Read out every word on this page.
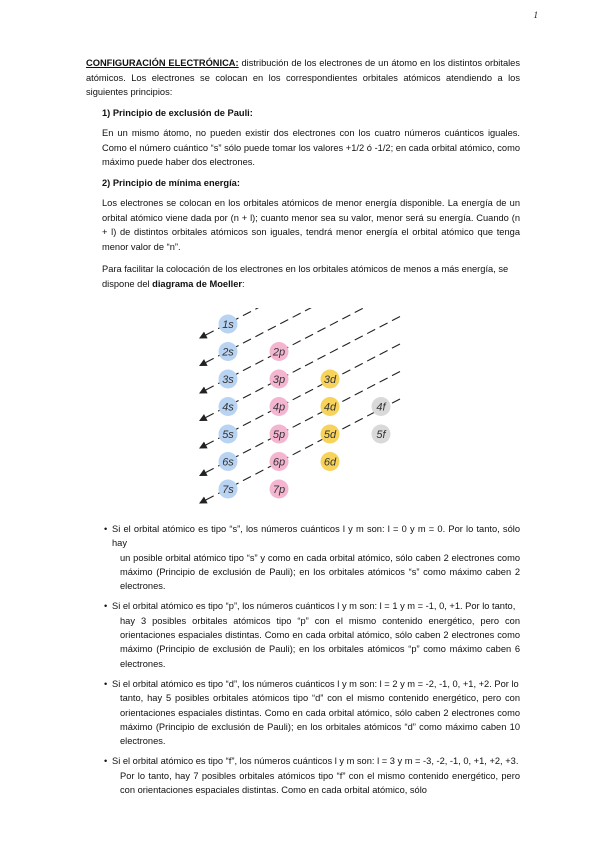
1

CONFIGURACIÓN ELECTRÓNICA: distribución de los electrones de un átomo en los distintos orbitales atómicos. Los electrones se colocan en los correspondientes orbitales atómicos atendiendo a los siguientes principios:

1) Principio de exclusión de Pauli:

En un mismo átomo, no pueden existir dos electrones con los cuatro números cuánticos iguales. Como el número cuántico “s” sólo puede tomar los valores +1/2 ó -1/2; en cada orbital atómico, como máximo puede haber dos electrones.

2) Principio de mínima energía:

Los electrones se colocan en los orbitales atómicos de menor energía disponible. La energía de un orbital atómico viene dada por (n + l); cuanto menor sea su valor, menor será su energía. Cuando (n + l) de distintos orbitales atómicos son iguales, tendrá menor energía el orbital atómico que tenga menor valor de “n”.

Para facilitar la colocación de los electrones en los orbitales atómicos de menos a más energía, se dispone del diagrama de Moeller:

1s
2s	2p
3s	3p	3d
4s	4p	4d	4f
5s	5p	5d	5f
6s	6p	6d
7s	7p
• Si el orbital atómico es tipo “s”, los números cuánticos l y m son: l = 0 y m = 0. Por lo tanto, sólo hay
un posible orbital atómico tipo “s” y como en cada orbital atómico, sólo caben 2 electrones como máximo (Principio de exclusión de Pauli); en los orbitales atómicos “s” como máximo caben 2 electrones.
• Si el orbital atómico es tipo “p”, los números cuánticos l y m son: l = 1 y m = -1, 0, +1. Por lo tanto,
hay 3 posibles orbitales atómicos tipo “p” con el mismo contenido energético, pero con orientaciones espaciales distintas. Como en cada orbital atómico, sólo caben 2 electrones como máximo (Principio de exclusión de Pauli); en los orbitales atómicos “p” como máximo caben 6 electrones.
• Si el orbital atómico es tipo “d”, los números cuánticos l y m son: l = 2 y m = -2, -1, 0, +1, +2. Por lo
tanto, hay 5 posibles orbitales atómicos tipo “d” con el mismo contenido energético, pero con orientaciones espaciales distintas. Como en cada orbital atómico, sólo caben 2 electrones como máximo (Principio de exclusión de Pauli); en los orbitales atómicos “d” como máximo caben 10 electrones.
• Si el orbital atómico es tipo “f”, los números cuánticos l y m son: l = 3 y m = -3, -2, -1, 0, +1, +2, +3.
Por lo tanto, hay 7 posibles orbitales atómicos tipo “f” con el mismo contenido energético, pero con orientaciones espaciales distintas. Como en cada orbital atómico, sólo
